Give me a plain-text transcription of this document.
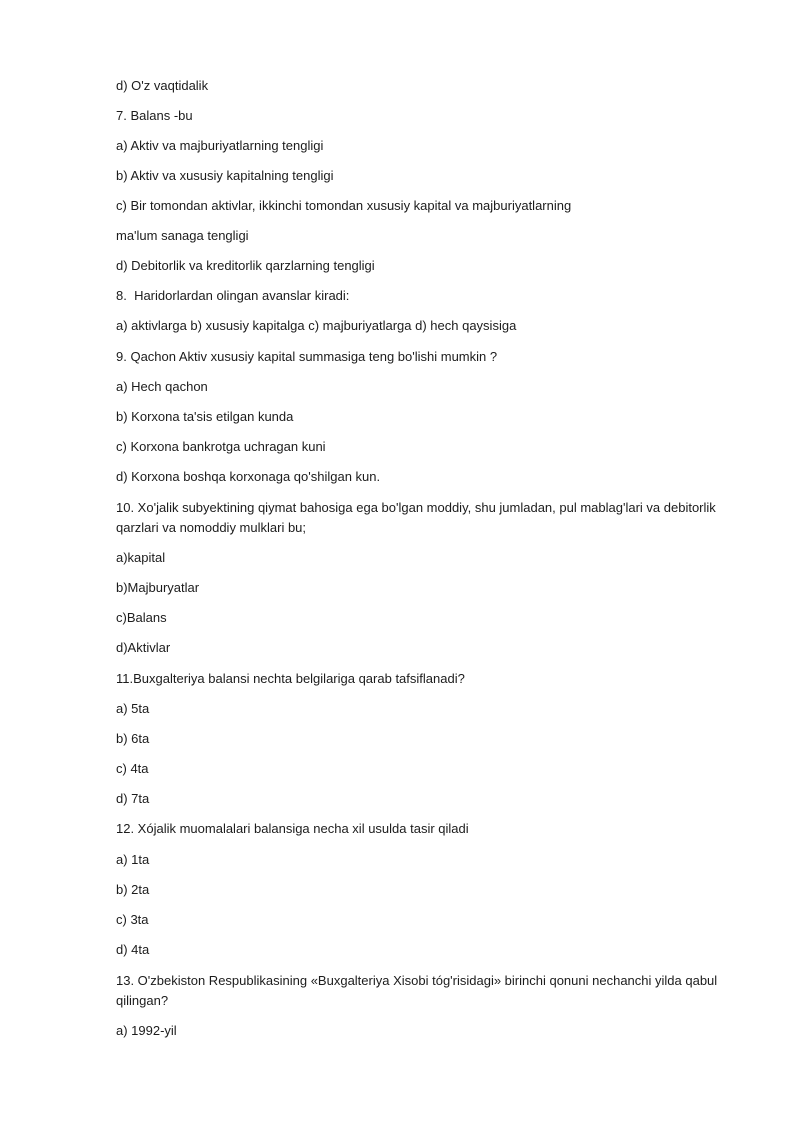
d) O'z vaqtidalik

7. Balans -bu

a) Aktiv va majburiyatlarning tengligi

b) Aktiv va xususiy kapitalning tengligi

c) Bir tomondan aktivlar, ikkinchi tomondan xususiy kapital va majburiyatlarning

ma'lum sanaga tengligi

d) Debitorlik va kreditorlik qarzlarning tengligi

8.  Haridorlardan olingan avanslar kiradi:

a) aktivlarga b) xususiy kapitalga c) majburiyatlarga d) hech qaysisiga

9. Qachon Aktiv xususiy kapital summasiga teng bo'lishi mumkin ?

a) Hech qachon

b) Korxona ta'sis etilgan kunda

c) Korxona bankrotga uchragan kuni

d) Korxona boshqa korxonaga qo'shilgan kun.

10. Xo'jalik subyektining qiymat bahosiga ega bo'lgan moddiy, shu jumladan, pul mablag'lari va debitorlik

qarzlari va nomoddiy mulklari bu;

a)kapital

b)Majburyatlar

c)Balans

d)Aktivlar

11.Buxgalteriya balansi nechta belgilariga qarab tafsiflanadi?

a) 5ta

b) 6ta

c) 4ta

d) 7ta

12. Xójalik muomalalari balansiga necha xil usulda tasir qiladi

a) 1ta

b) 2ta

c) 3ta

d) 4ta

13. O'zbekiston Respublikasining «Buxgalteriya Xisobi tóg'risidagi» birinchi qonuni nechanchi yilda qabul

qilingan?

a) 1992-yil
